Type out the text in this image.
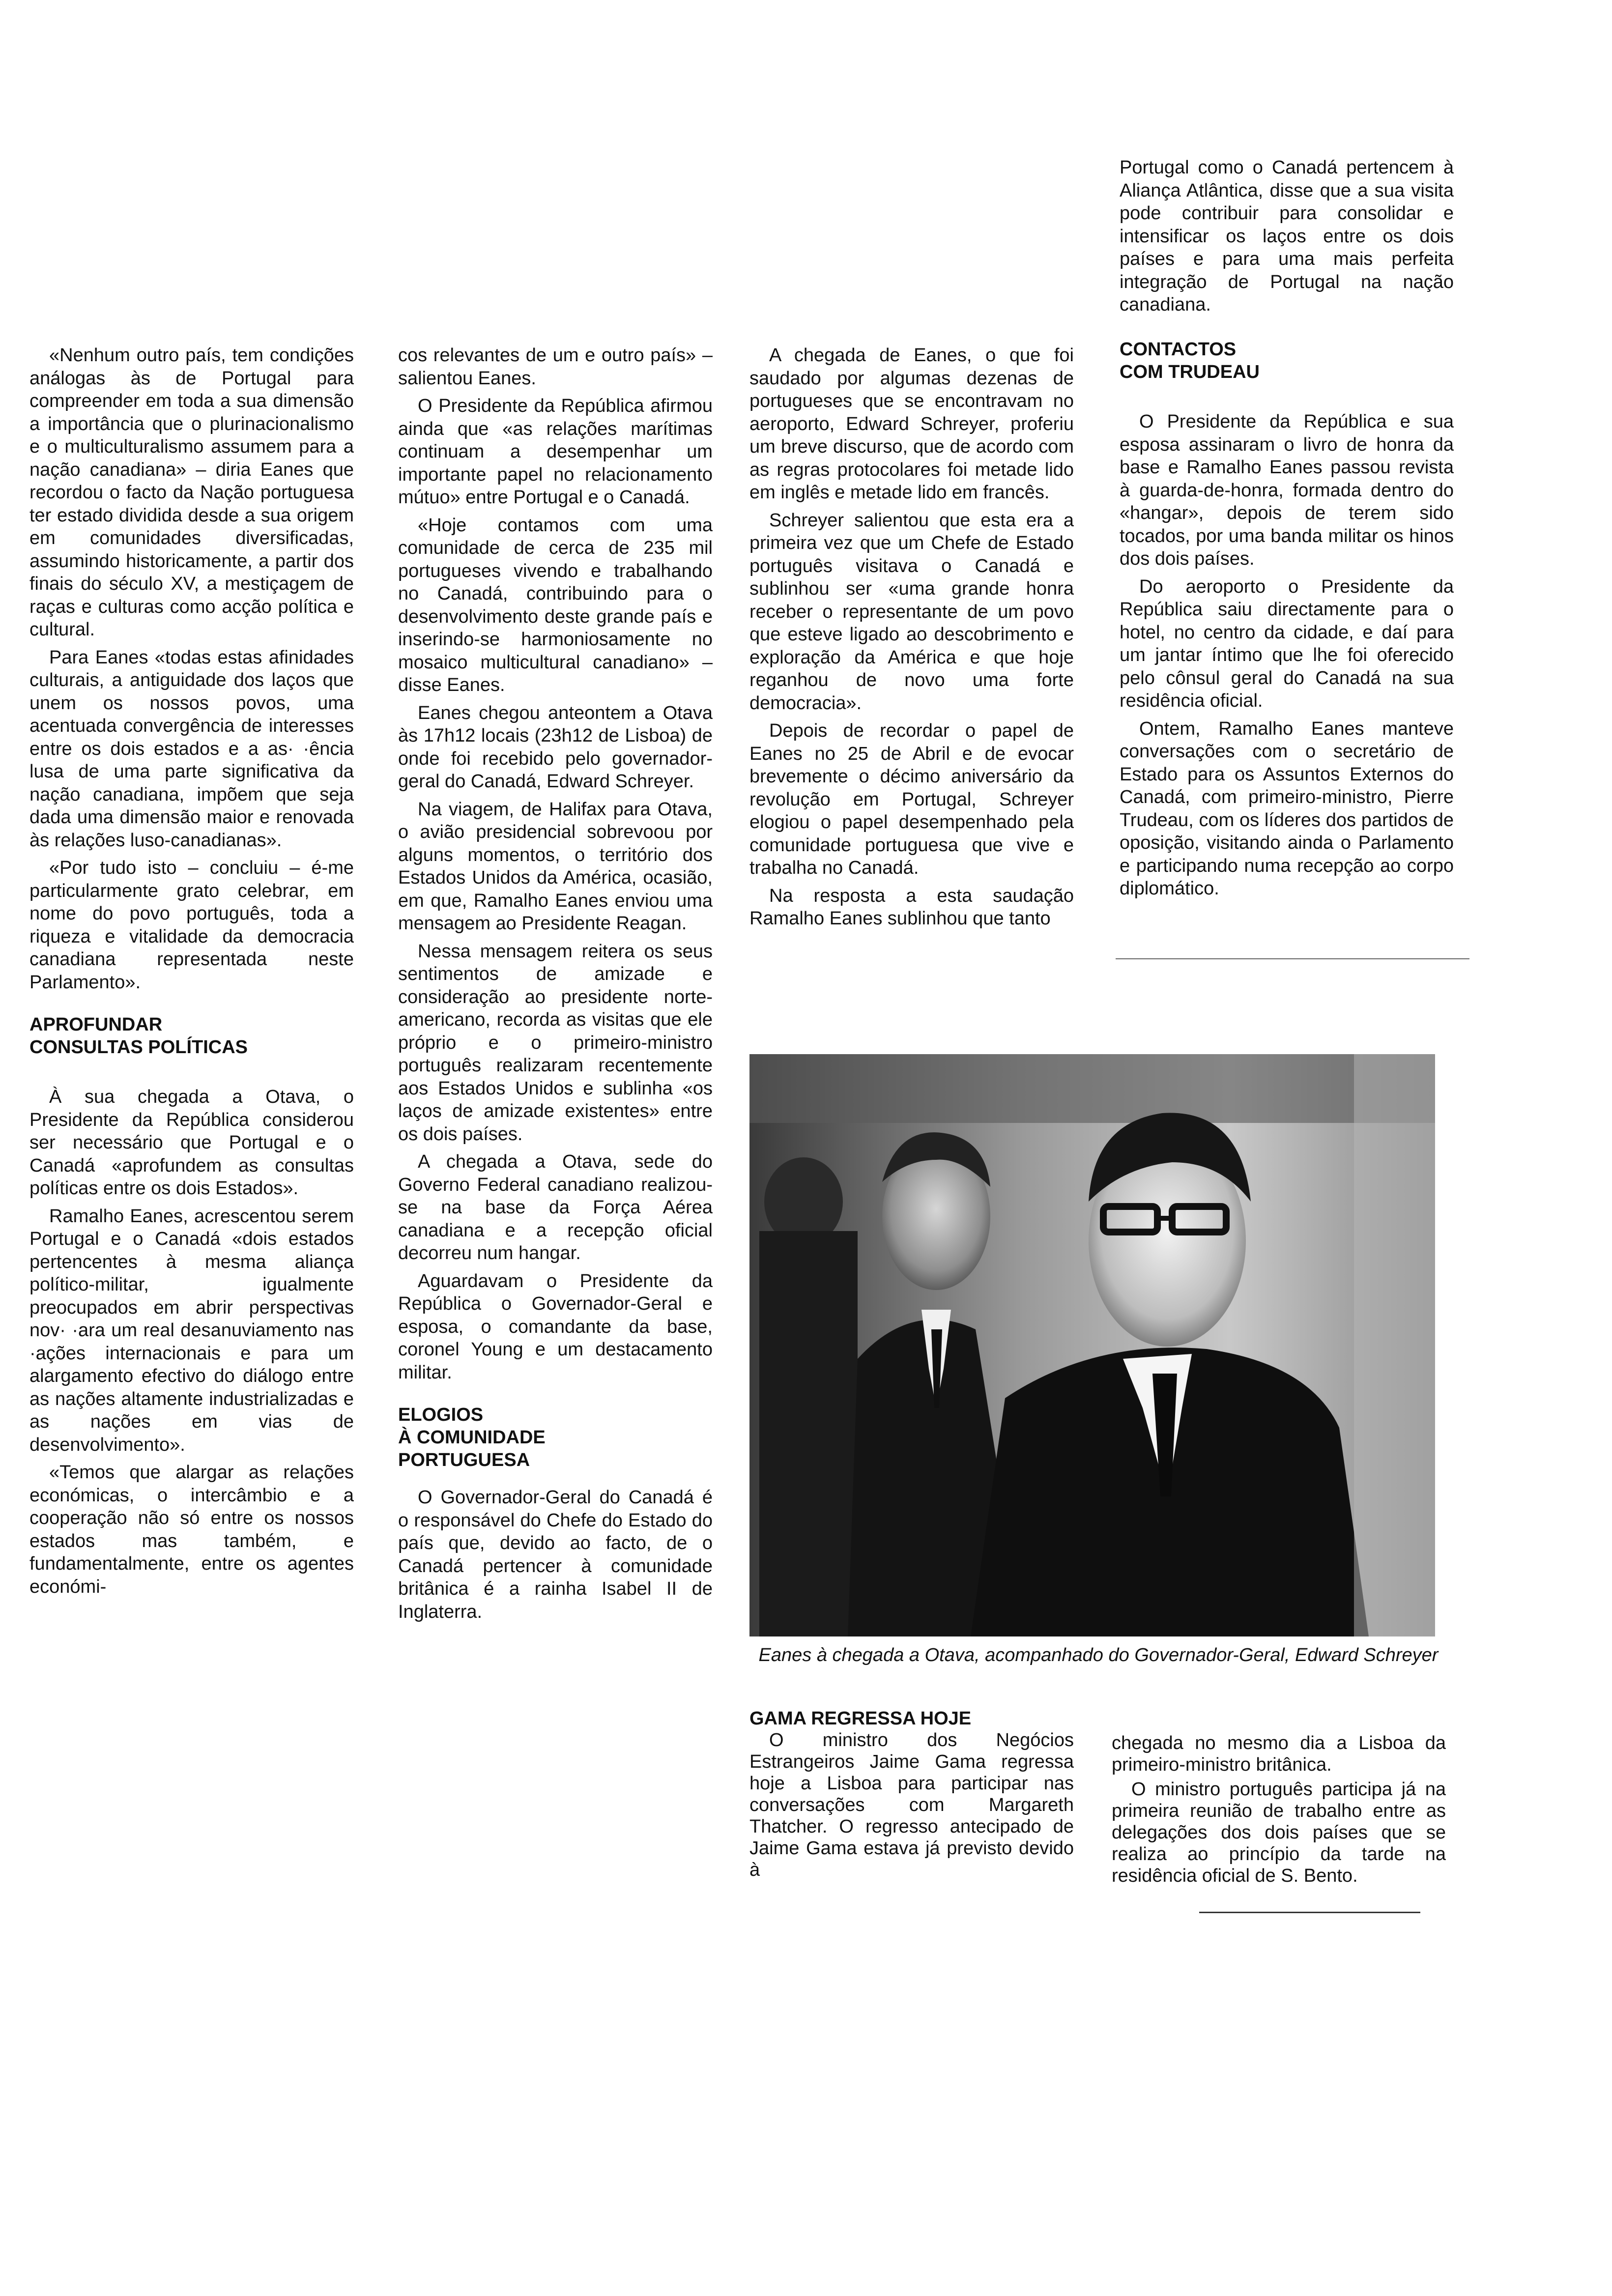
Portugal como o Canadá pertencem à Aliança Atlântica, disse que a sua visita pode contribuir para consolidar e intensificar os laços entre os dois países e para uma mais perfeita integração de Portugal na nação canadiana.

«Nenhum outro país, tem condições análogas às de Portugal para compreender em toda a sua dimensão a importância que o plurinacionalismo e o multiculturalismo assumem para a nação canadiana» – diria Eanes que recordou o facto da Nação portuguesa ter estado dividida desde a sua origem em comunidades diversificadas, assumindo historicamente, a partir dos finais do século XV, a mestiçagem de raças e culturas como acção política e cultural.

Para Eanes «todas estas afinidades culturais, a antiguidade dos laços que unem os nossos povos, uma acentuada convergência de interesses entre os dois estados e a as· ·ência lusa de uma parte significativa da nação canadiana, impõem que seja dada uma dimensão maior e renovada às relações luso-canadianas».

«Por tudo isto – concluiu – é-me particularmente grato celebrar, em nome do povo português, toda a riqueza e vitalidade da democracia canadiana representada neste Parlamento».

APROFUNDAR
CONSULTAS POLÍTICAS

À sua chegada a Otava, o Presidente da República considerou ser necessário que Portugal e o Canadá «aprofundem as consultas políticas entre os dois Estados».

Ramalho Eanes, acrescentou serem Portugal e o Canadá «dois estados pertencentes à mesma aliança político-militar, igualmente preocupados em abrir perspectivas nov· ·ara um real desanuviamento nas ·ações internacionais e para um alargamento efectivo do diálogo entre as nações altamente industrializadas e as nações em vias de desenvolvimento».

«Temos que alargar as relações económicas, o intercâmbio e a cooperação não só entre os nossos estados mas também, e fundamentalmente, entre os agentes económi-

cos relevantes de um e outro país» – salientou Eanes.

O Presidente da República afirmou ainda que «as relações marítimas continuam a desempenhar um importante papel no relacionamento mútuo» entre Portugal e o Canadá.

«Hoje contamos com uma comunidade de cerca de 235 mil portugueses vivendo e trabalhando no Canadá, contribuindo para o desenvolvimento deste grande país e inserindo-se harmoniosamente no mosaico multicultural canadiano» – disse Eanes.

Eanes chegou anteontem a Otava às 17h12 locais (23h12 de Lisboa) de onde foi recebido pelo governador-geral do Canadá, Edward Schreyer.

Na viagem, de Halifax para Otava, o avião presidencial sobrevoou por alguns momentos, o território dos Estados Unidos da América, ocasião, em que, Ramalho Eanes enviou uma mensagem ao Presidente Reagan.

Nessa mensagem reitera os seus sentimentos de amizade e consideração ao presidente norte-americano, recorda as visitas que ele próprio e o primeiro-ministro português realizaram recentemente aos Estados Unidos e sublinha «os laços de amizade existentes» entre os dois países.

A chegada a Otava, sede do Governo Federal canadiano realizou-se na base da Força Aérea canadiana e a recepção oficial decorreu num hangar.

Aguardavam o Presidente da República o Governador-Geral e esposa, o comandante da base, coronel Young e um destacamento militar.

ELOGIOS
À COMUNIDADE
PORTUGUESA

O Governador-Geral do Canadá é o responsável do Chefe do Estado do país que, devido ao facto, de o Canadá pertencer à comunidade britânica é a rainha Isabel II de Inglaterra.

A chegada de Eanes, o que foi saudado por algumas dezenas de portugueses que se encontravam no aeroporto, Edward Schreyer, proferiu um breve discurso, que de acordo com as regras protocolares foi metade lido em inglês e metade lido em francês.

Schreyer salientou que esta era a primeira vez que um Chefe de Estado português visitava o Canadá e sublinhou ser «uma grande honra receber o representante de um povo que esteve ligado ao descobrimento e exploração da América e que hoje reganhou de novo uma forte democracia».

Depois de recordar o papel de Eanes no 25 de Abril e de evocar brevemente o décimo aniversário da revolução em Portugal, Schreyer elogiou o papel desempenhado pela comunidade portuguesa que vive e trabalha no Canadá.

Na resposta a esta saudação Ramalho Eanes sublinhou que tanto

CONTACTOS
COM TRUDEAU

O Presidente da República e sua esposa assinaram o livro de honra da base e Ramalho Eanes passou revista à guarda-de-honra, formada dentro do «hangar», depois de terem sido tocados, por uma banda militar os hinos dos dois países.

Do aeroporto o Presidente da República saiu directamente para o hotel, no centro da cidade, e daí para um jantar íntimo que lhe foi oferecido pelo cônsul geral do Canadá na sua residência oficial.

Ontem, Ramalho Eanes manteve conversações com o secretário de Estado para os Assuntos Externos do Canadá, com primeiro-ministro, Pierre Trudeau, com os líderes dos partidos de oposição, visitando ainda o Parlamento e participando numa recepção ao corpo diplomático.

Eanes à chegada a Otava, acompanhado do Governador-Geral, Edward Schreyer
GAMA REGRESSA HOJE

O ministro dos Negócios Estrangeiros Jaime Gama regressa hoje a Lisboa para participar nas conversações com Margareth Thatcher. O regresso antecipado de Jaime Gama estava já previsto devido à

chegada no mesmo dia a Lisboa da primeiro-ministro britânica.

O ministro português participa já na primeira reunião de trabalho entre as delegações dos dois países que se realiza ao princípio da tarde na residência oficial de S. Bento.
